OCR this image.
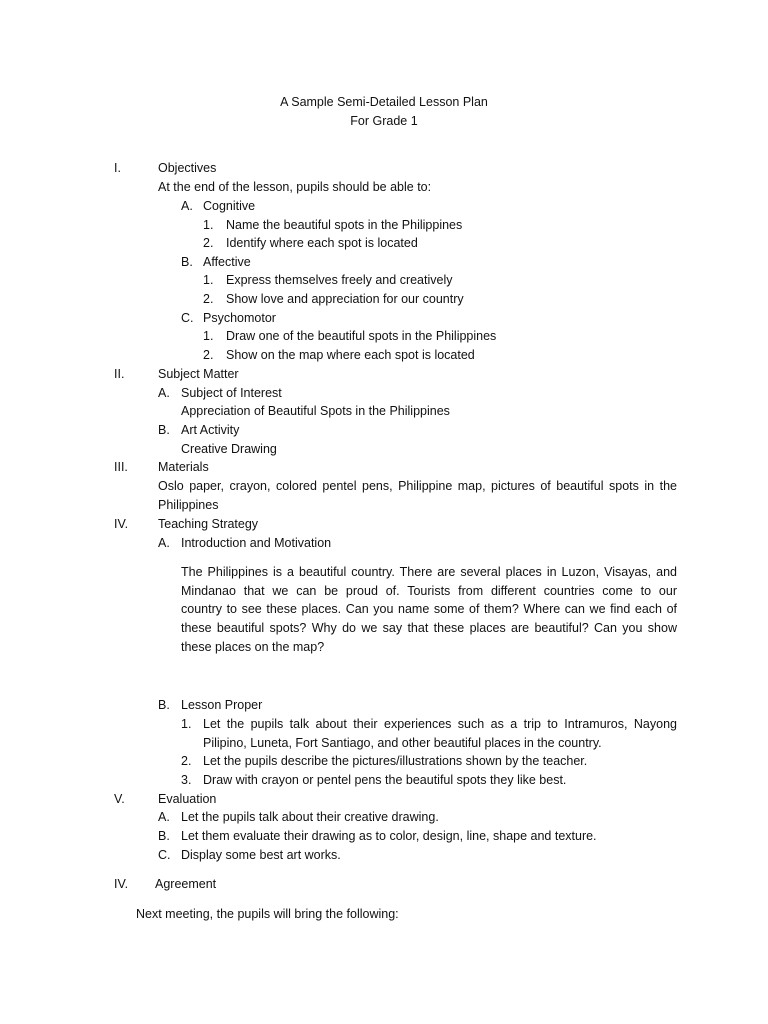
A Sample Semi-Detailed Lesson Plan
For Grade 1
I.	Objectives
At the end of the lesson, pupils should be able to:
A. Cognitive
1. Name the beautiful spots in the Philippines
2. Identify where each spot is located
B. Affective
1. Express themselves freely and creatively
2. Show love and appreciation for our country
C. Psychomotor
1. Draw one of the beautiful spots in the Philippines
2. Show on the map where each spot is located
II.	Subject Matter
A. Subject of Interest
Appreciation of Beautiful Spots in the Philippines
B. Art Activity
Creative Drawing
III. Materials
Oslo paper, crayon, colored pentel pens, Philippine map, pictures of beautiful spots in the
Philippines
IV. Teaching Strategy
A. Introduction and Motivation
The Philippines is a beautiful country. There are several places in Luzon, Visayas, and
Mindanao that we can be proud of. Tourists from different countries come to our
country to see these places. Can you name some of them? Where can we find each of
these beautiful spots? Why do we say that these places are beautiful? Can you show
these places on the map?
B. Lesson Proper
1. Let the pupils talk about their experiences such as a trip to Intramuros, Nayong
Pilipino, Luneta, Fort Santiago, and other beautiful places in the country.
2. Let the pupils describe the pictures/illustrations shown by the teacher.
3. Draw with crayon or pentel pens the beautiful spots they like best.
V.	Evaluation
A. Let the pupils talk about their creative drawing.
B. Let them evaluate their drawing as to color, design, line, shape and texture.
C. Display some best art works.
IV. Agreement
Next meeting, the pupils will bring the following:
